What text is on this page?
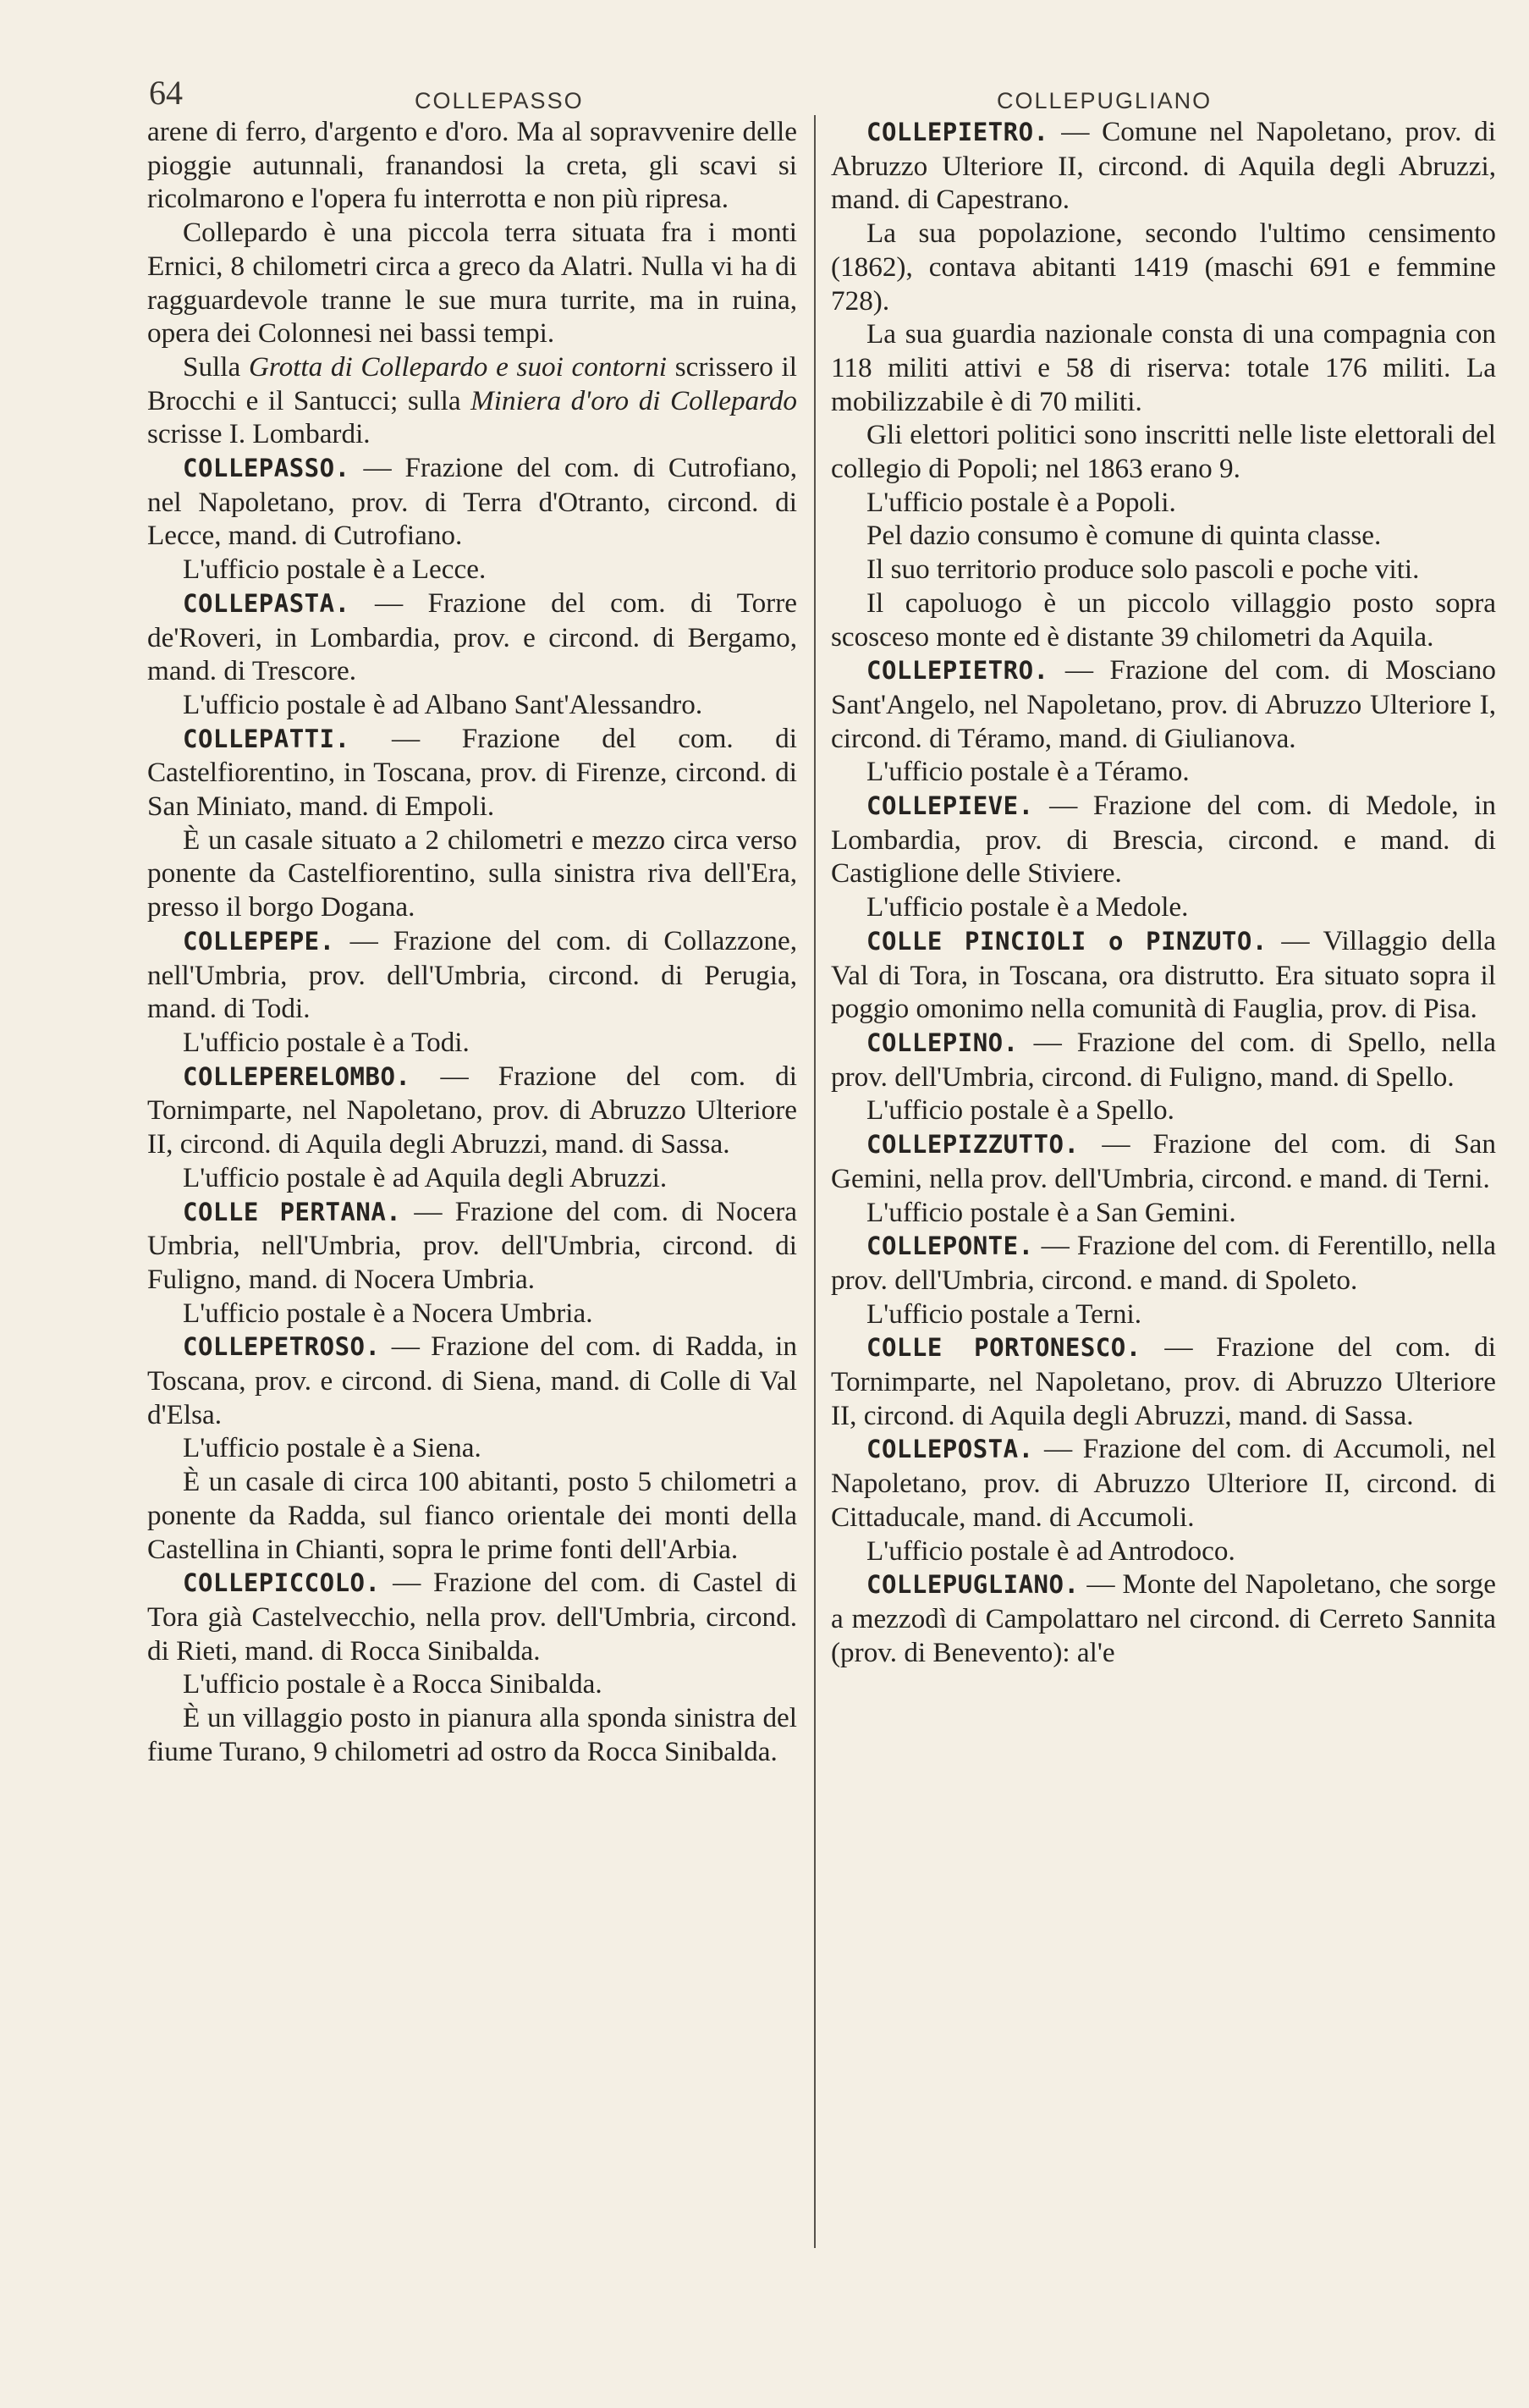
64	COLLEPASSO	COLLEPUGLIANO

arene di ferro, d'argento e d'oro. Ma al sopravvenire delle pioggie autunnali, franandosi la creta, gli scavi si ricolmarono e l'opera fu interrotta e non più ripresa.

Collepardo è una piccola terra situata fra i monti Ernici, 8 chilometri circa a greco da Alatri. Nulla vi ha di ragguardevole tranne le sue mura turrite, ma in ruina, opera dei Colonnesi nei bassi tempi.

Sulla Grotta di Collepardo e suoi contorni scrissero il Brocchi e il Santucci; sulla Miniera d'oro di Collepardo scrisse I. Lombardi.

COLLEPASSO. — Frazione del com. di Cutrofiano, nel Napoletano, prov. di Terra d'Otranto, circond. di Lecce, mand. di Cutrofiano.

L'ufficio postale è a Lecce.

COLLEPASTA. — Frazione del com. di Torre de'Roveri, in Lombardia, prov. e circond. di Bergamo, mand. di Trescore.

L'ufficio postale è ad Albano Sant'Alessandro.

COLLEPATTI. — Frazione del com. di Castelfiorentino, in Toscana, prov. di Firenze, circond. di San Miniato, mand. di Empoli.

È un casale situato a 2 chilometri e mezzo circa verso ponente da Castelfiorentino, sulla sinistra riva dell'Era, presso il borgo Dogana.

COLLEPEPE. — Frazione del com. di Collazzone, nell'Umbria, prov. dell'Umbria, circond. di Perugia, mand. di Todi.

L'ufficio postale è a Todi.

COLLEPERELOMBO. — Frazione del com. di Tornimparte, nel Napoletano, prov. di Abruzzo Ulteriore II, circond. di Aquila degli Abruzzi, mand. di Sassa.

L'ufficio postale è ad Aquila degli Abruzzi.

COLLE PERTANA. — Frazione del com. di Nocera Umbria, nell'Umbria, prov. dell'Umbria, circond. di Fuligno, mand. di Nocera Umbria.

L'ufficio postale è a Nocera Umbria.

COLLEPETROSO. — Frazione del com. di Radda, in Toscana, prov. e circond. di Siena, mand. di Colle di Val d'Elsa.

L'ufficio postale è a Siena.

È un casale di circa 100 abitanti, posto 5 chilometri a ponente da Radda, sul fianco orientale dei monti della Castellina in Chianti, sopra le prime fonti dell'Arbia.

COLLEPICCOLO. — Frazione del com. di Castel di Tora già Castelvecchio, nella prov. dell'Umbria, circond. di Rieti, mand. di Rocca Sinibalda.

L'ufficio postale è a Rocca Sinibalda.

È un villaggio posto in pianura alla sponda sinistra del fiume Turano, 9 chilometri ad ostro da Rocca Sinibalda.

COLLEPIETRO. — Comune nel Napoletano, prov. di Abruzzo Ulteriore II, circond. di Aquila degli Abruzzi, mand. di Capestrano.

La sua popolazione, secondo l'ultimo censimento (1862), contava abitanti 1419 (maschi 691 e femmine 728).

La sua guardia nazionale consta di una compagnia con 118 militi attivi e 58 di riserva: totale 176 militi. La mobilizzabile è di 70 militi.

Gli elettori politici sono inscritti nelle liste elettorali del collegio di Popoli; nel 1863 erano 9.

L'ufficio postale è a Popoli.

Pel dazio consumo è comune di quinta classe.

Il suo territorio produce solo pascoli e poche viti.

Il capoluogo è un piccolo villaggio posto sopra scosceso monte ed è distante 39 chilometri da Aquila.

COLLEPIETRO. — Frazione del com. di Mosciano Sant'Angelo, nel Napoletano, prov. di Abruzzo Ulteriore I, circond. di Téramo, mand. di Giulianova.

L'ufficio postale è a Téramo.

COLLEPIEVE. — Frazione del com. di Medole, in Lombardia, prov. di Brescia, circond. e mand. di Castiglione delle Stiviere.

L'ufficio postale è a Medole.

COLLE PINCIOLI o PINZUTO. — Villaggio della Val di Tora, in Toscana, ora distrutto. Era situato sopra il poggio omonimo nella comunità di Fauglia, prov. di Pisa.

COLLEPINO. — Frazione del com. di Spello, nella prov. dell'Umbria, circond. di Fuligno, mand. di Spello.

L'ufficio postale è a Spello.

COLLEPIZZUTTO. — Frazione del com. di San Gemini, nella prov. dell'Umbria, circond. e mand. di Terni.

L'ufficio postale è a San Gemini.

COLLEPONTE. — Frazione del com. di Ferentillo, nella prov. dell'Umbria, circond. e mand. di Spoleto.

L'ufficio postale a Terni.

COLLE PORTONESCO. — Frazione del com. di Tornimparte, nel Napoletano, prov. di Abruzzo Ulteriore II, circond. di Aquila degli Abruzzi, mand. di Sassa.

COLLEPOSTA. — Frazione del com. di Accumoli, nel Napoletano, prov. di Abruzzo Ulteriore II, circond. di Cittaducale, mand. di Accumoli.

L'ufficio postale è ad Antrodoco.

COLLEPUGLIANO. — Monte del Napoletano, che sorge a mezzodì di Campolattaro nel circond. di Cerreto Sannita (prov. di Benevento): al'e
